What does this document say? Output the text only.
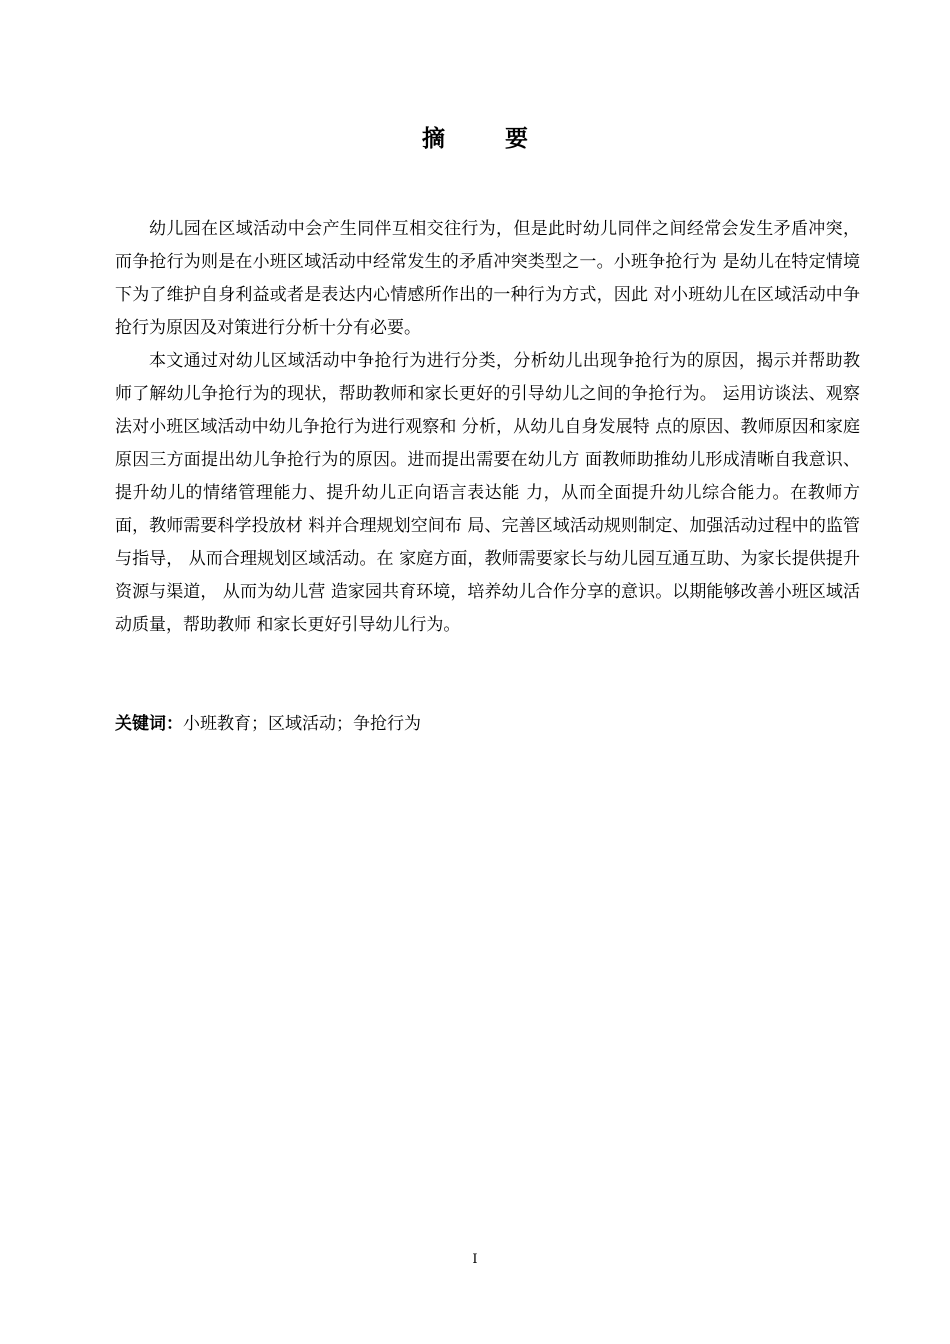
摘 要

幼儿园在区域活动中会产生同伴互相交往行为，但是此时幼儿同伴之间经常会发生矛盾冲突，而争抢行为则是在小班区域活动中经常发生的矛盾冲突类型之一。小班争抢行为 是幼儿在特定情境下为了维护自身利益或者是表达内心情感所作出的一种行为方式，因此 对小班幼儿在区域活动中争抢行为原因及对策进行分析十分有必要。

本文通过对幼儿区域活动中争抢行为进行分类，分析幼儿出现争抢行为的原因，揭示并帮助教师了解幼儿争抢行为的现状，帮助教师和家长更好的引导幼儿之间的争抢行为。 运用访谈法、观察法对小班区域活动中幼儿争抢行为进行观察和 分析，从幼儿自身发展特 点的原因、教师原因和家庭原因三方面提出幼儿争抢行为的原因。进而提出需要在幼儿方 面教师助推幼儿形成清晰自我意识、提升幼儿的情绪管理能力、提升幼儿正向语言表达能 力，从而全面提升幼儿综合能力。在教师方面，教师需要科学投放材 料并合理规划空间布 局、完善区域活动规则制定、加强活动过程中的监管与指导， 从而合理规划区域活动。在 家庭方面，教师需要家长与幼儿园互通互助、为家长提供提升资源与渠道， 从而为幼儿营 造家园共育环境，培养幼儿合作分享的意识。以期能够改善小班区域活动质量，帮助教师 和家长更好引导幼儿行为。

关键词：小班教育；区域活动；争抢行为
I
